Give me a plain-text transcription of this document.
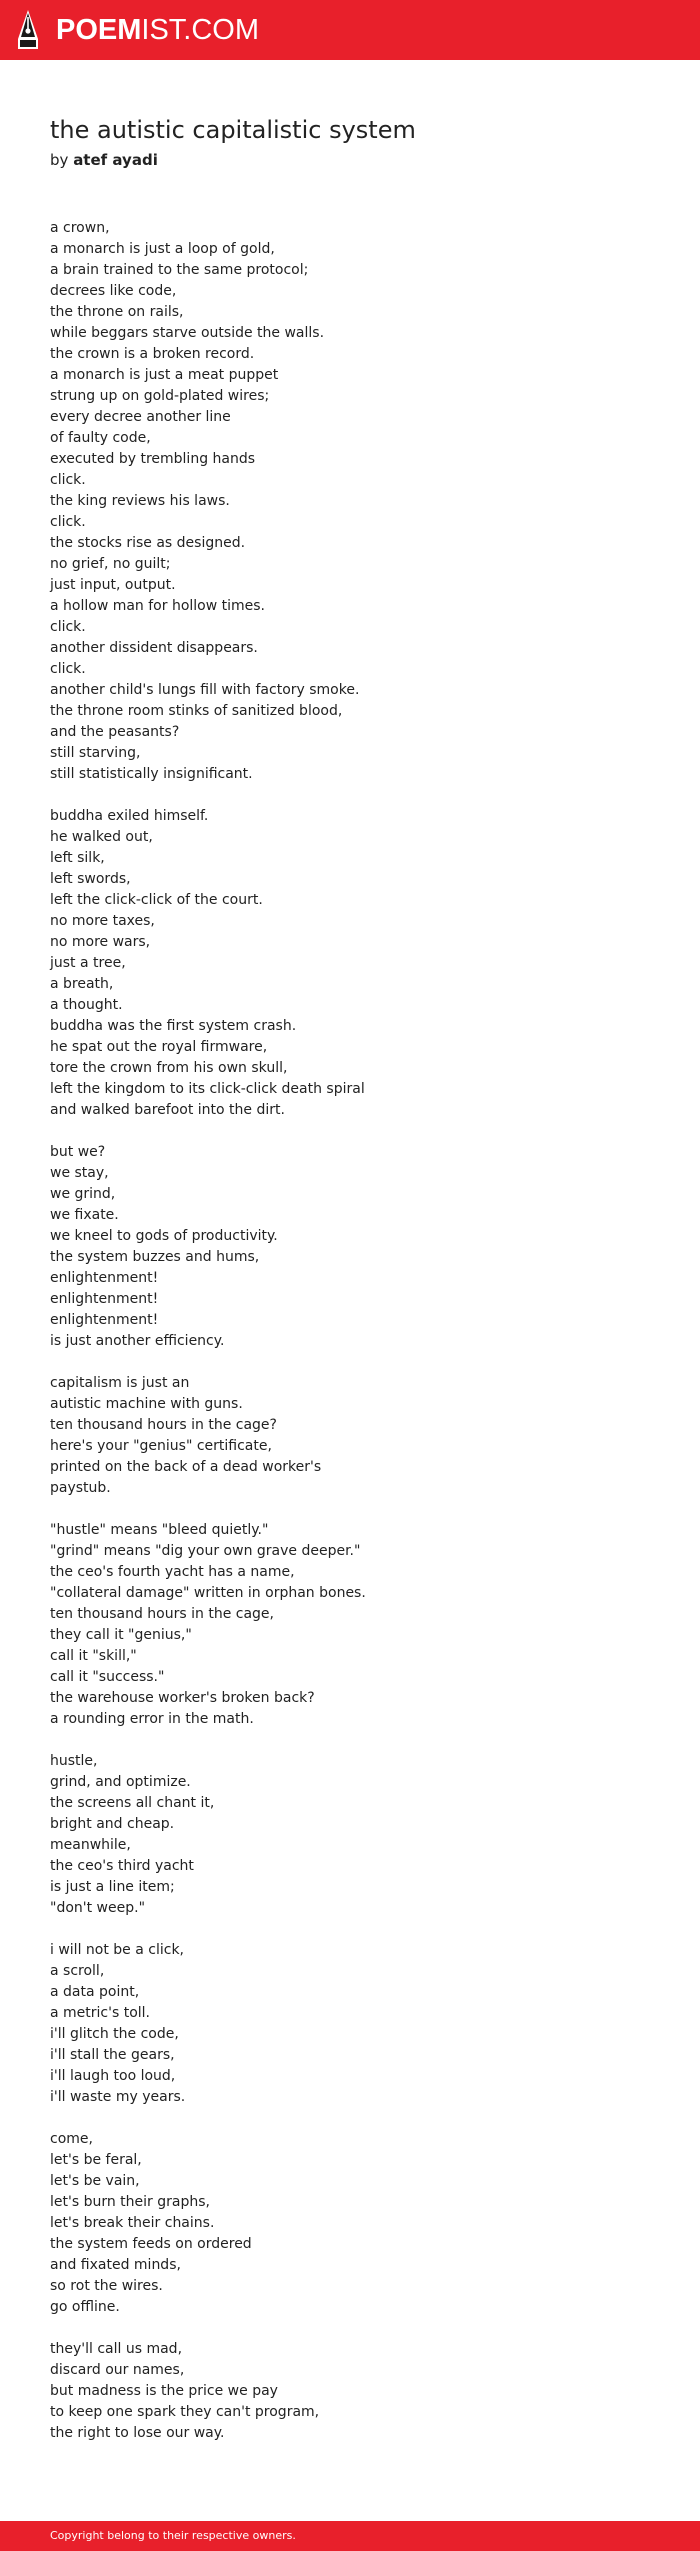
POEMIST.COM
the autistic capitalistic system
by atef ayadi
a crown,
a monarch is just a loop of gold,
a brain trained to the same protocol;
decrees like code,
the throne on rails,
while beggars starve outside the walls.
the crown is a broken record.
a monarch is just a meat puppet
strung up on gold-plated wires;
every decree another line
of faulty code,
executed by trembling hands
click.
the king reviews his laws.
click.
the stocks rise as designed.
no grief, no guilt;
just input, output.
a hollow man for hollow times.
click.
another dissident disappears.
click.
another child's lungs fill with factory smoke.
the throne room stinks of sanitized blood,
and the peasants?
still starving,
still statistically insignificant.
buddha exiled himself.
he walked out,
left silk,
left swords,
left the click-click of the court.
no more taxes,
no more wars,
just a tree,
a breath,
a thought.
buddha was the first system crash.
he spat out the royal firmware,
tore the crown from his own skull,
left the kingdom to its click-click death spiral
and walked barefoot into the dirt.
but we?
we stay,
we grind,
we fixate.
we kneel to gods of productivity.
the system buzzes and hums,
enlightenment!
enlightenment!
enlightenment!
is just another efficiency.
capitalism is just an
autistic machine with guns.
ten thousand hours in the cage?
here's your "genius" certificate,
printed on the back of a dead worker's
paystub.
"hustle" means "bleed quietly."
"grind" means "dig your own grave deeper."
the ceo's fourth yacht has a name,
"collateral damage" written in orphan bones.
ten thousand hours in the cage,
they call it "genius,"
call it "skill,"
call it "success."
the warehouse worker's broken back?
a rounding error in the math.
hustle,
grind, and optimize.
the screens all chant it,
bright and cheap.
meanwhile,
the ceo's third yacht
is just a line item;
"don't weep."
i will not be a click,
a scroll,
a data point,
a metric's toll.
i'll glitch the code,
i'll stall the gears,
i'll laugh too loud,
i'll waste my years.
come,
let's be feral,
let's be vain,
let's burn their graphs,
let's break their chains.
the system feeds on ordered
and fixated minds,
so rot the wires.
go offline.
they'll call us mad,
discard our names,
but madness is the price we pay
to keep one spark they can't program,
the right to lose our way.
Copyright belong to their respective owners.
